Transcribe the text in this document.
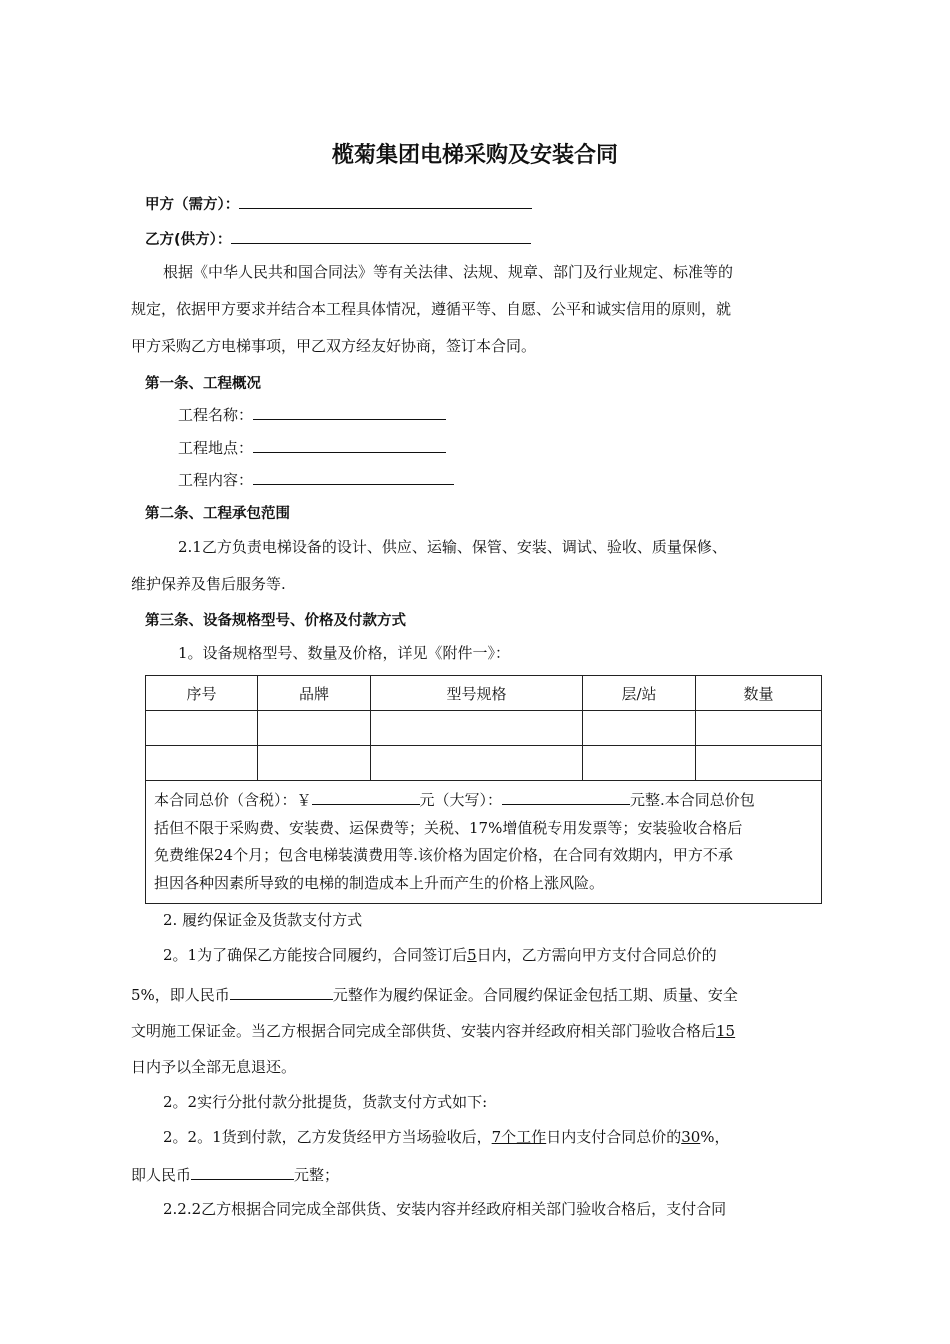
榄菊集团电梯采购及安装合同
甲方（需方）：
乙方(供方）：
根据《中华人民共和国合同法》等有关法律、法规、规章、部门及行业规定、标准等的
规定，依据甲方要求并结合本工程具体情况，遵循平等、自愿、公平和诚实信用的原则，就
甲方采购乙方电梯事项，甲乙双方经友好协商，签订本合同。
第一条、工程概况
工程名称：
工程地点：
工程内容：
第二条、工程承包范围
2.1乙方负责电梯设备的设计、供应、运输、保管、安装、调试、验收、质量保修、
维护保养及售后服务等.
第三条、设备规格型号、价格及付款方式
1。设备规格型号、数量及价格，详见《附件一》：
序号	品牌	型号规格	层/站	数量

本合同总价（含税）：￥ 元（大写）： 元整.本合同总价包
括但不限于采购费、安装费、运保费等；关税、17%增值税专用发票等；安装验收合格后
免费维保24个月；包含电梯装潢费用等.该价格为固定价格，在合同有效期内，甲方不承
担因各种因素所导致的电梯的制造成本上升而产生的价格上涨风险。				
2. 履约保证金及货款支付方式
2。1为了确保乙方能按合同履约，合同签订后5日内，乙方需向甲方支付合同总价的
5%，即人民币	元整作为履约保证金。合同履约保证金包括工期、质量、安全
文明施工保证金。当乙方根据合同完成全部供货、安装内容并经政府相关部门验收合格后15
日内予以全部无息退还。
2。2实行分批付款分批提货，货款支付方式如下:
2。2。1货到付款，乙方发货经甲方当场验收后，7个工作日内支付合同总价的30%，
即人民币	元整；
2.2.2乙方根据合同完成全部供货、安装内容并经政府相关部门验收合格后，支付合同
